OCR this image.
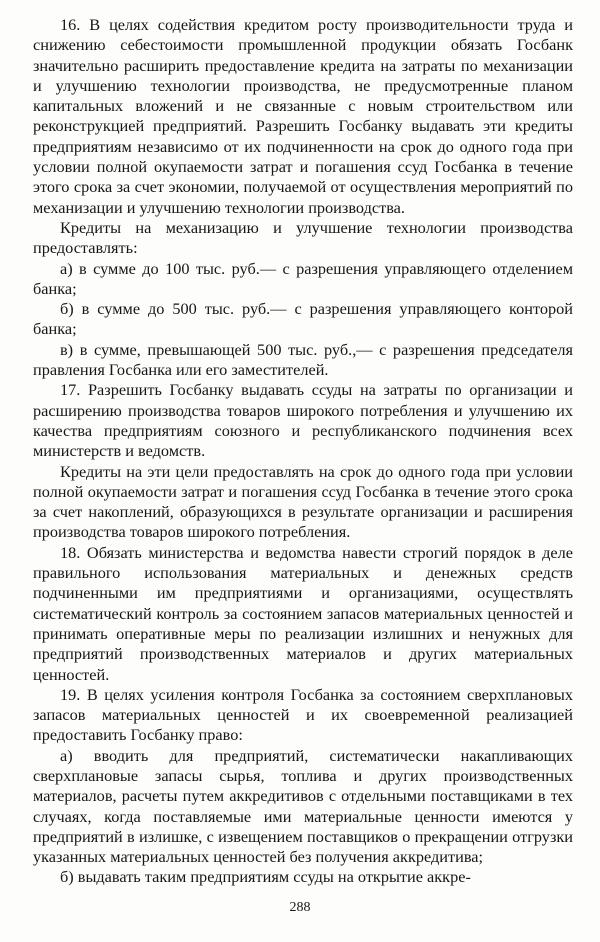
16. В целях содействия кредитом росту производительности труда и снижению себестоимости промышленной продукции обязать Госбанк значительно расширить предоставление кредита на затраты по механизации и улучшению технологии производства, не предусмотренные планом капитальных вложений и не связанные с новым строительством или реконструкцией предприятий. Разрешить Госбанку выдавать эти кредиты предприятиям независимо от их подчиненности на срок до одного года при условии полной окупаемости затрат и погашения ссуд Госбанка в течение этого срока за счет экономии, получаемой от осуществления мероприятий по механизации и улучшению технологии производства.

Кредиты на механизацию и улучшение технологии производства предоставлять:

а) в сумме до 100 тыс. руб.— с разрешения управляющего отделением банка;

б) в сумме до 500 тыс. руб.— с разрешения управляющего конторой банка;

в) в сумме, превышающей 500 тыс. руб.,— с разрешения председателя правления Госбанка или его заместителей.

17. Разрешить Госбанку выдавать ссуды на затраты по организации и расширению производства товаров широкого потребления и улучшению их качества предприятиям союзного и республиканского подчинения всех министерств и ведомств.

Кредиты на эти цели предоставлять на срок до одного года при условии полной окупаемости затрат и погашения ссуд Госбанка в течение этого срока за счет накоплений, образующихся в результате организации и расширения производства товаров широкого потребления.

18. Обязать министерства и ведомства навести строгий порядок в деле правильного использования материальных и денежных средств подчиненными им предприятиями и организациями, осуществлять систематический контроль за состоянием запасов материальных ценностей и принимать оперативные меры по реализации излишних и ненужных для предприятий производственных материалов и других материальных ценностей.

19. В целях усиления контроля Госбанка за состоянием сверхплановых запасов материальных ценностей и их своевременной реализацией предоставить Госбанку право:

а) вводить для предприятий, систематически накапливающих сверхплановые запасы сырья, топлива и других производственных материалов, расчеты путем аккредитивов с отдельными поставщиками в тех случаях, когда поставляемые ими материальные ценности имеются у предприятий в излишке, с извещением поставщиков о прекращении отгрузки указанных материальных ценностей без получения аккредитива;

б) выдавать таким предприятиям ссуды на открытие аккре-

288
